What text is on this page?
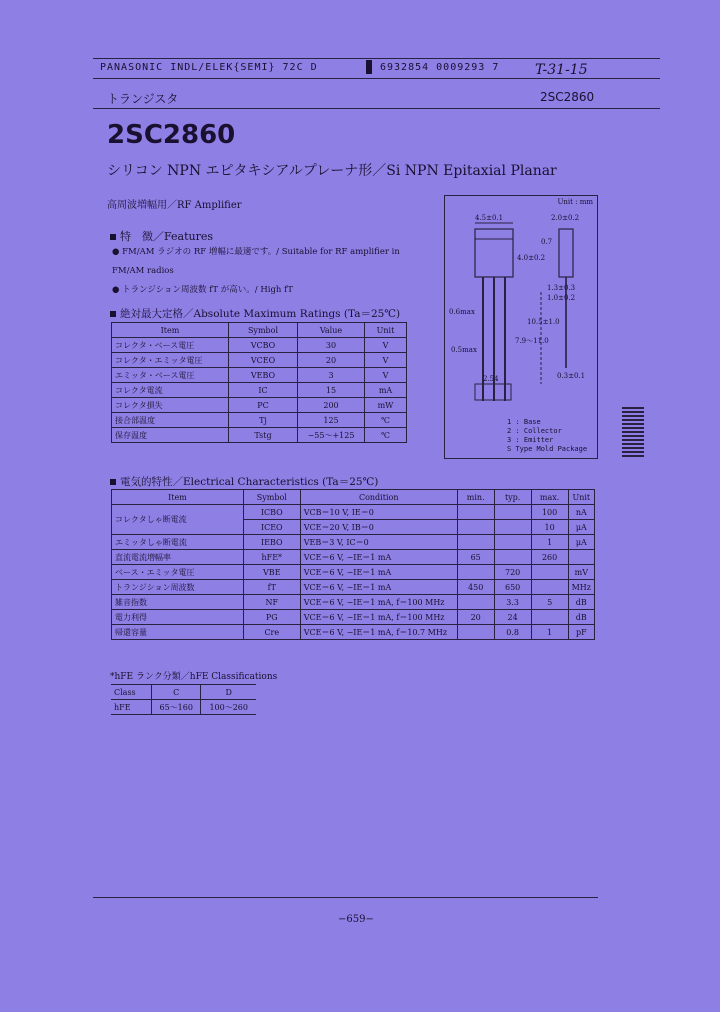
PANASONIC INDL/ELEK{SEMI} 72C D	6932854 0009293 7	T-31-15
トランジスタ	2SC2860
2SC2860
シリコン NPN エピタキシアルプレーナ形／Si NPN Epitaxial Planar
高周波増幅用／RF Amplifier
特　徴／Features
● FM/AM ラジオの RF 増幅に最適です。/ Suitable for RF amplifier in FM/AM radios
● トランジション周波数 fT が高い。/ High fT
絶対最大定格／Absolute Maximum Ratings (Ta＝25℃)
Item	Symbol	Value	Unit
コレクタ・ベース電圧	VCBO	30	V
コレクタ・エミッタ電圧	VCEO	20	V
エミッタ・ベース電圧	VEBO	3	V
コレクタ電流	IC	15	mA
コレクタ損失	PC	200	mW
接合部温度	Tj	125	℃
保存温度	Tstg	−55～+125	℃
Unit : mm
4.5±0.1	2.0±0.2
0.7
4.0±0.2
1.3±0.3
1.0±0.2
0.6max
7.9～11.0
10.5±1.0
0.5max
2.54	0.3±0.1
1 : Base
2 : Collector
3 : Emitter
S Type Mold Package
電気的特性／Electrical Characteristics (Ta＝25℃)
Item	Symbol	Condition	min.	typ.	max.	Unit
コレクタしゃ断電流	ICBO	VCB＝10 V, IE＝0			100	nA
	ICEO	VCE＝20 V, IB＝0			10	μA
エミッタしゃ断電流	IEBO	VEB＝3 V, IC＝0			1	μA
直流電流増幅率	hFE*	VCE＝6 V, −IE＝1 mA	65		260	
ベース・エミッタ電圧	VBE	VCE＝6 V, −IE＝1 mA		720		mV
トランジション周波数	fT	VCE＝6 V, −IE＝1 mA	450	650		MHz
雑音指数	NF	VCE＝6 V, −IE＝1 mA, f＝100 MHz		3.3	5	dB
電力利得	PG	VCE＝6 V, −IE＝1 mA, f＝100 MHz	20	24		dB
帰還容量	Cre	VCE＝6 V, −IE＝1 mA, f＝10.7 MHz		0.8	1	pF
*hFE ランク分類／hFE Classifications
Class	C	D
hFE	65～160	100～260
−659−
